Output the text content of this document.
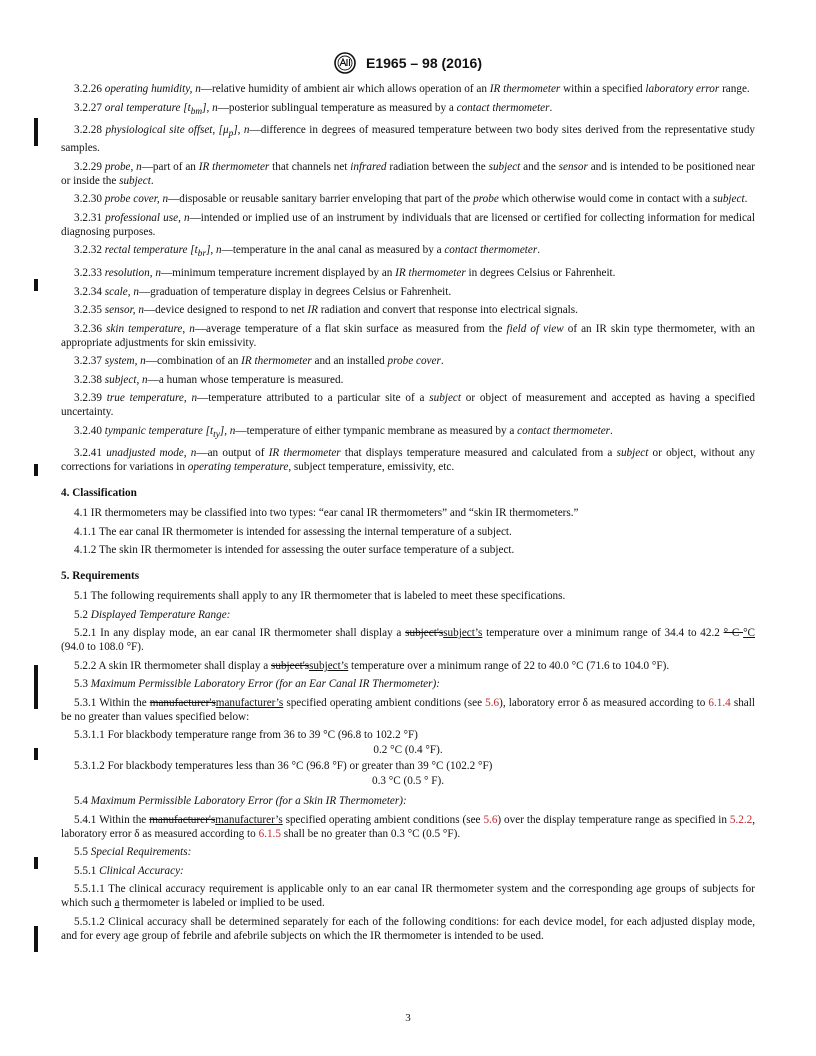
E1965 – 98 (2016)

3.2.26 operating humidity, n—relative humidity of ambient air which allows operation of an IR thermometer within a specified laboratory error range.

3.2.27 oral temperature $[t_{bm}]$, n—posterior sublingual temperature as measured by a contact thermometer.

3.2.28 physiological site offset, $[\mu_p]$, n—difference in degrees of measured temperature between two body sites derived from the representative study samples.

3.2.29 probe, n—part of an IR thermometer that channels net infrared radiation between the subject and the sensor and is intended to be positioned near or inside the subject.

3.2.30 probe cover, n—disposable or reusable sanitary barrier enveloping that part of the probe which otherwise would come in contact with a subject.

3.2.31 professional use, n—intended or implied use of an instrument by individuals that are licensed or certified for collecting information for medical diagnosing purposes.

3.2.32 rectal temperature $[t_{br}]$, n—temperature in the anal canal as measured by a contact thermometer.

3.2.33 resolution, n—minimum temperature increment displayed by an IR thermometer in degrees Celsius or Fahrenheit.

3.2.34 scale, n—graduation of temperature display in degrees Celsius or Fahrenheit.

3.2.35 sensor, n—device designed to respond to net IR radiation and convert that response into electrical signals.

3.2.36 skin temperature, n—average temperature of a flat skin surface as measured from the field of view of an IR skin type thermometer, with an appropriate adjustments for skin emissivity.

3.2.37 system, n—combination of an IR thermometer and an installed probe cover.

3.2.38 subject, n—a human whose temperature is measured.

3.2.39 true temperature, n—temperature attributed to a particular site of a subject or object of measurement and accepted as having a specified uncertainty.

3.2.40 tympanic temperature $[t_{ty}]$, n—temperature of either tympanic membrane as measured by a contact thermometer.

3.2.41 unadjusted mode, n—an output of IR thermometer that displays temperature measured and calculated from a subject or object, without any corrections for variations in operating temperature, subject temperature, emissivity, etc.

4. Classification

4.1 IR thermometers may be classified into two types: “ear canal IR thermometers” and “skin IR thermometers.”

4.1.1 The ear canal IR thermometer is intended for assessing the internal temperature of a subject.

4.1.2 The skin IR thermometer is intended for assessing the outer surface temperature of a subject.

5. Requirements

5.1 The following requirements shall apply to any IR thermometer that is labeled to meet these specifications.

5.2 Displayed Temperature Range:

5.2.1 In any display mode, an ear canal IR thermometer shall display a subject'ssubject’s temperature over a minimum range of 34.4 to 42.2 ° C °C (94.0 to 108.0 °F).

5.2.2 A skin IR thermometer shall display a subject'ssubject’s temperature over a minimum range of 22 to 40.0 °C (71.6 to 104.0 °F).

5.3 Maximum Permissible Laboratory Error (for an Ear Canal IR Thermometer):

5.3.1 Within the manufacturer'smanufacturer’s specified operating ambient conditions (see 5.6), laboratory error δ as measured according to 6.1.4 shall be no greater than values specified below:

5.3.1.1 For blackbody temperature range from 36 to 39 °C (96.8 to 102.2 °F)

0.2 °C (0.4 °F).

5.3.1.2 For blackbody temperatures less than 36 °C (96.8 °F) or greater than 39 °C (102.2 °F)

0.3 °C (0.5 ° F).

5.4 Maximum Permissible Laboratory Error (for a Skin IR Thermometer):

5.4.1 Within the manufacturer'smanufacturer’s specified operating ambient conditions (see 5.6) over the display temperature range as specified in 5.2.2, laboratory error δ as measured according to 6.1.5 shall be no greater than 0.3 °C (0.5 °F).

5.5 Special Requirements:

5.5.1 Clinical Accuracy:

5.5.1.1 The clinical accuracy requirement is applicable only to an ear canal IR thermometer system and the corresponding age groups of subjects for which such a thermometer is labeled or implied to be used.

5.5.1.2 Clinical accuracy shall be determined separately for each of the following conditions: for each device model, for each adjusted display mode, and for every age group of febrile and afebrile subjects on which the IR thermometer is intended to be used.

3
